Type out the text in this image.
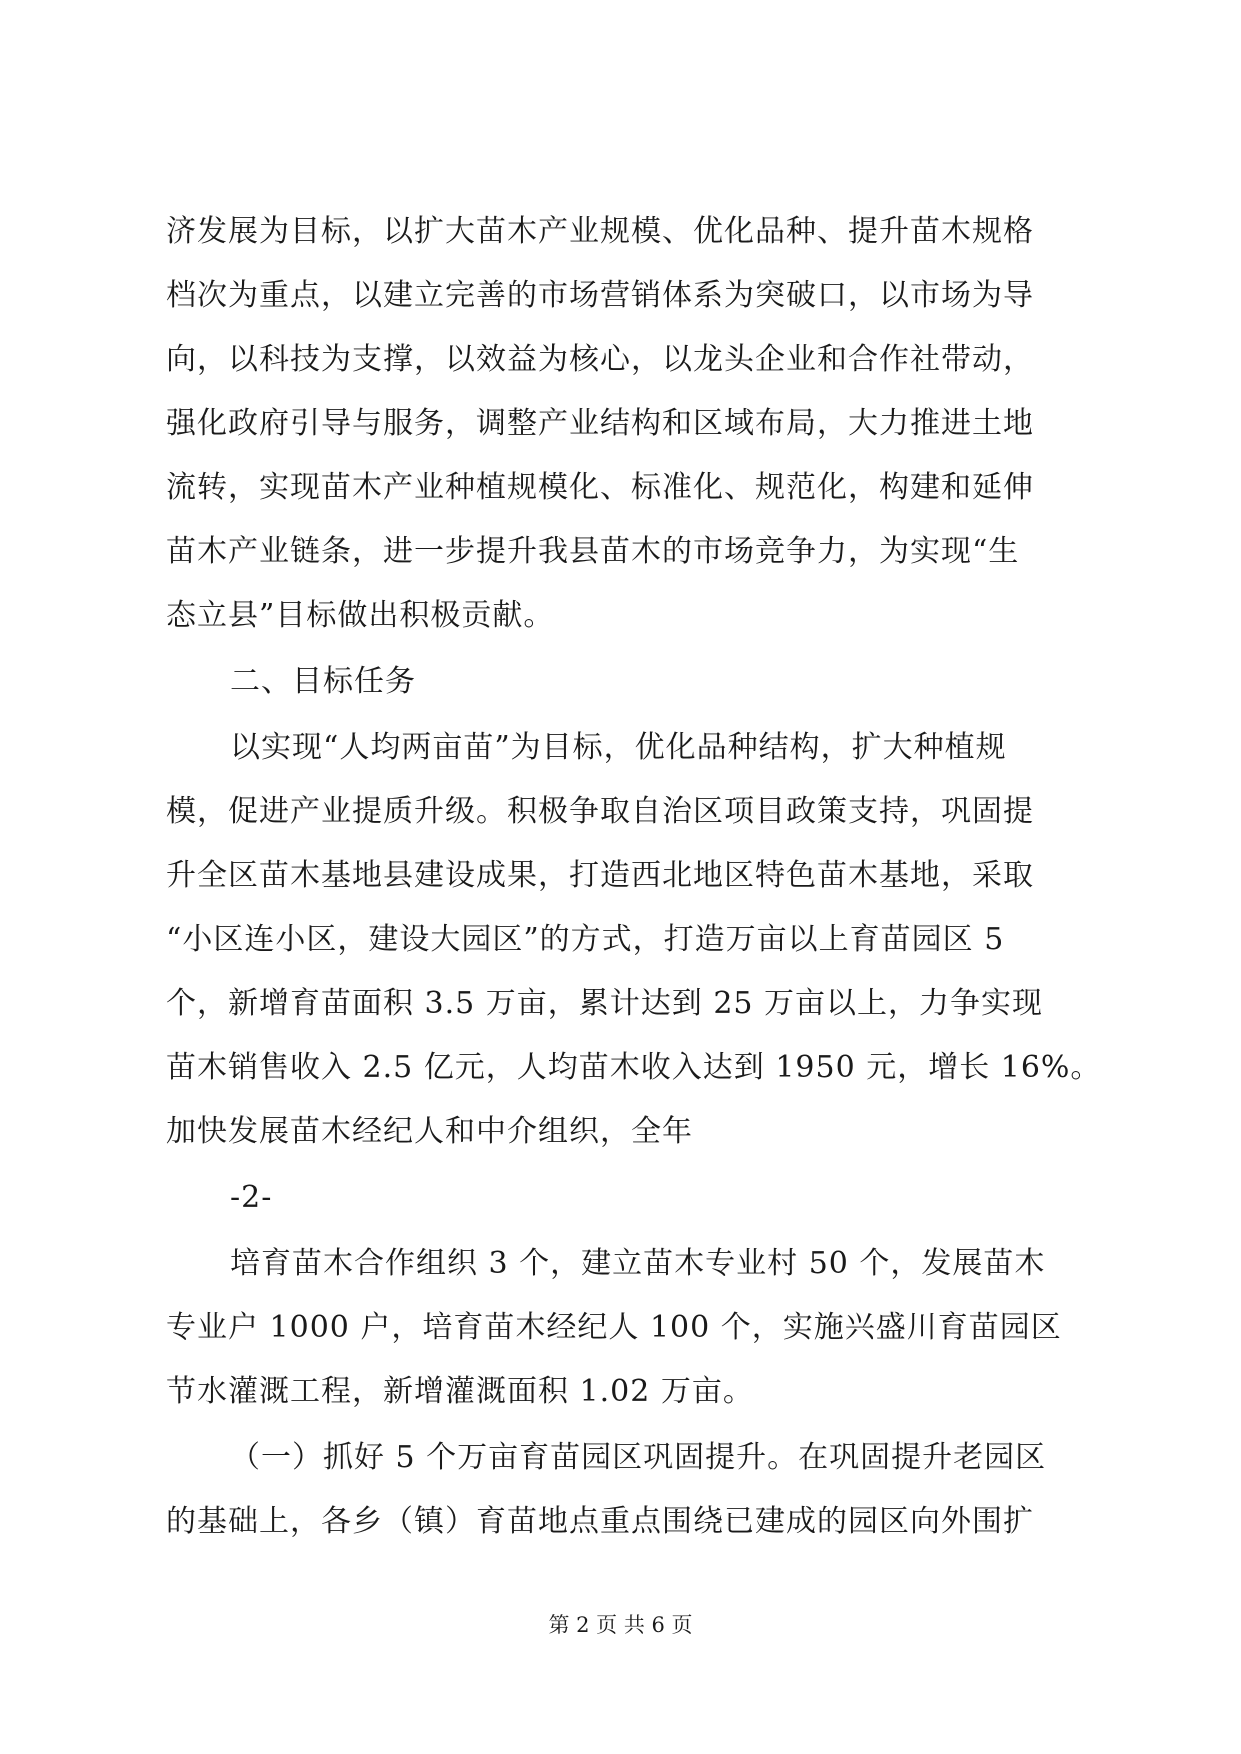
济发展为目标，以扩大苗木产业规模、优化品种、提升苗木规格
档次为重点，以建立完善的市场营销体系为突破口，以市场为导
向，以科技为支撑，以效益为核心，以龙头企业和合作社带动，
强化政府引导与服务，调整产业结构和区域布局，大力推进土地
流转，实现苗木产业种植规模化、标准化、规范化，构建和延伸
苗木产业链条，进一步提升我县苗木的市场竞争力，为实现“生
态立县”目标做出积极贡献。
二、目标任务
以实现“人均两亩苗”为目标，优化品种结构，扩大种植规
模，促进产业提质升级。积极争取自治区项目政策支持，巩固提
升全区苗木基地县建设成果，打造西北地区特色苗木基地，采取
“小区连小区，建设大园区”的方式，打造万亩以上育苗园区 5
个，新增育苗面积 3.5 万亩，累计达到 25 万亩以上，力争实现
苗木销售收入 2.5 亿元，人均苗木收入达到 1950 元，增长 16%。
加快发展苗木经纪人和中介组织，全年
-2-
培育苗木合作组织 3 个，建立苗木专业村 50 个，发展苗木
专业户 1000 户，培育苗木经纪人 100 个，实施兴盛川育苗园区
节水灌溉工程，新增灌溉面积 1.02 万亩。
（一）抓好 5 个万亩育苗园区巩固提升。在巩固提升老园区
的基础上，各乡（镇）育苗地点重点围绕已建成的园区向外围扩
第 2 页 共 6 页
